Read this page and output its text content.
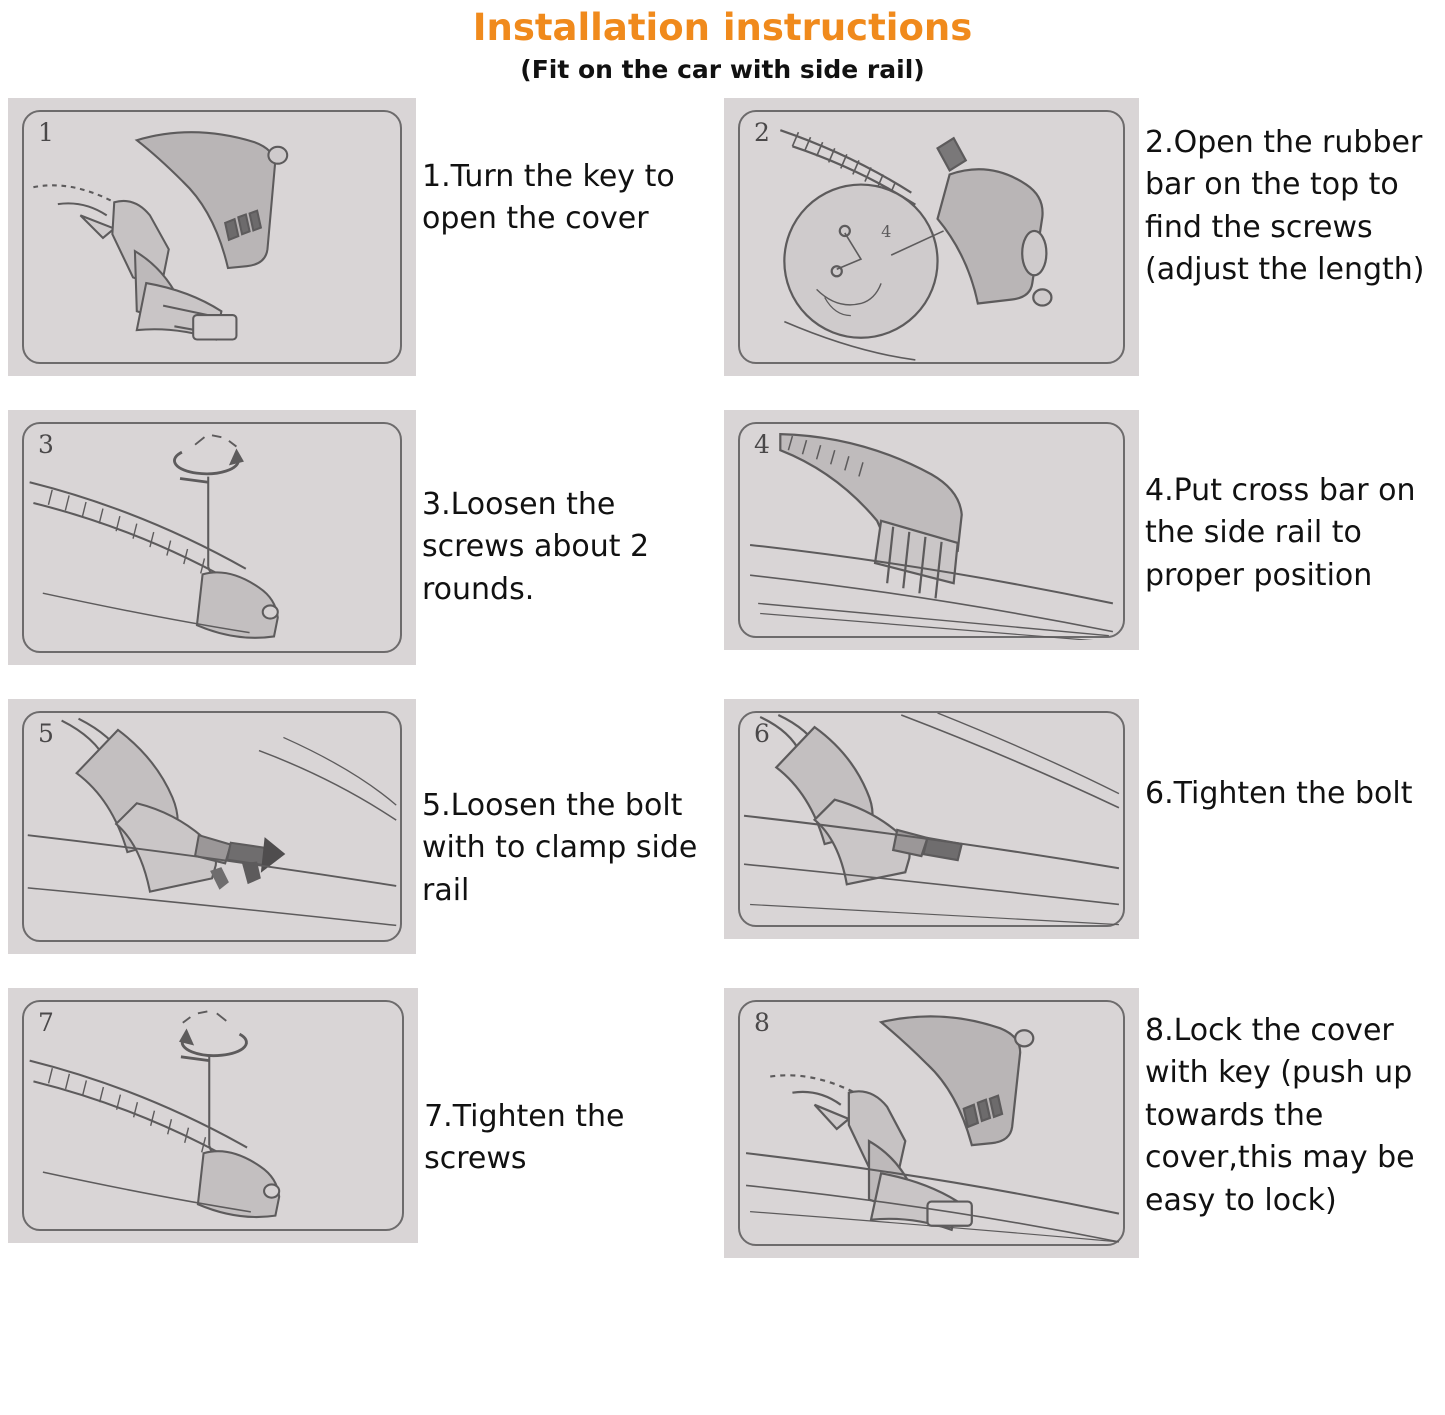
Installation instructions
(Fit on the car with side rail)
1
1.Turn the key to open the cover
2
4
2.Open the rubber bar on the top to find the screws (adjust the length)
3
3.Loosen the screws about 2 rounds.
4
4.Put cross bar on the side rail to proper position
5
5.Loosen the bolt with to clamp side rail
6
6.Tighten the bolt
7
7.Tighten the screws
8	8.Lock the cover with key (push up towards the cover,this may be easy to lock)
